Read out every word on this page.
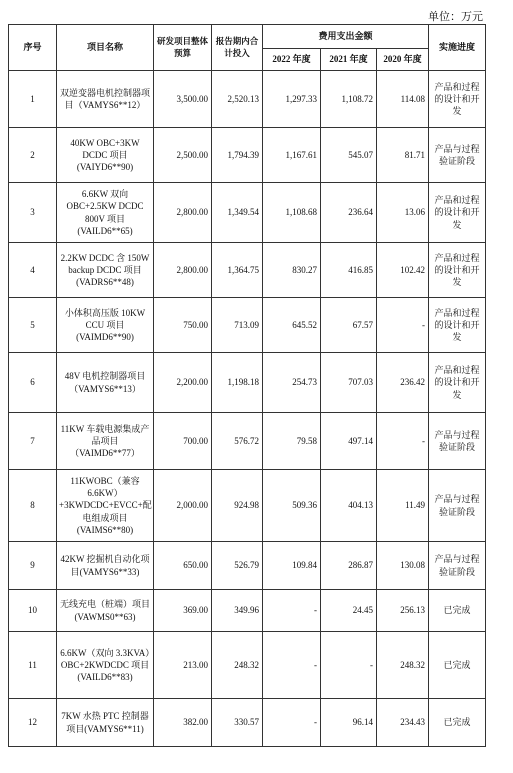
单位：万元
序号	项目名称	研发项目整体预算	报告期内合计投入	费用支出金额			实施进度
				2022 年度	2021 年度	2020 年度	
1	双逆变器电机控制器项目（VAMYS6**12）	3,500.00	2,520.13	1,297.33	1,108.72	114.08	产品和过程的设计和开发
2	40KW OBC+3KW DCDC 项目(VAIYD6**90)	2,500.00	1,794.39	1,167.61	545.07	81.71	产品与过程验证阶段
3	6.6KW 双向 OBC+2.5KW DCDC 800V 项目(VAILD6**65)	2,800.00	1,349.54	1,108.68	236.64	13.06	产品和过程的设计和开发
4	2.2KW DCDC 含 150W backup DCDC 项目(VADRS6**48)	2,800.00	1,364.75	830.27	416.85	102.42	产品和过程的设计和开发
5	小体积高压版 10KW CCU 项目(VAIMD6**90)	750.00	713.09	645.52	67.57	-	产品和过程的设计和开发
6	48V 电机控制器项目（VAMYS6**13）	2,200.00	1,198.18	254.73	707.03	236.42	产品和过程的设计和开发
7	11KW 车载电源集成产品项目（VAIMD6**77）	700.00	576.72	79.58	497.14	-	产品与过程验证阶段
8	11KWOBC（兼容 6.6KW）+3KWDCDC+EVCC+配电组成项目(VAIMS6**80)	2,000.00	924.98	509.36	404.13	11.49	产品与过程验证阶段
9	42KW 挖掘机自动化项目(VAMYS6**33)	650.00	526.79	109.84	286.87	130.08	产品与过程验证阶段
10	无线充电（桩端）项目(VAWMS0**63)	369.00	349.96	-	24.45	256.13	已完成
11	6.6KW（双向 3.3KVA）OBC+2KWDCDC 项目(VAILD6**83)	213.00	248.32	-	-	248.32	已完成
12	7KW 水热 PTC 控制器项目(VAMYS6**11)	382.00	330.57	-	96.14	234.43	已完成
